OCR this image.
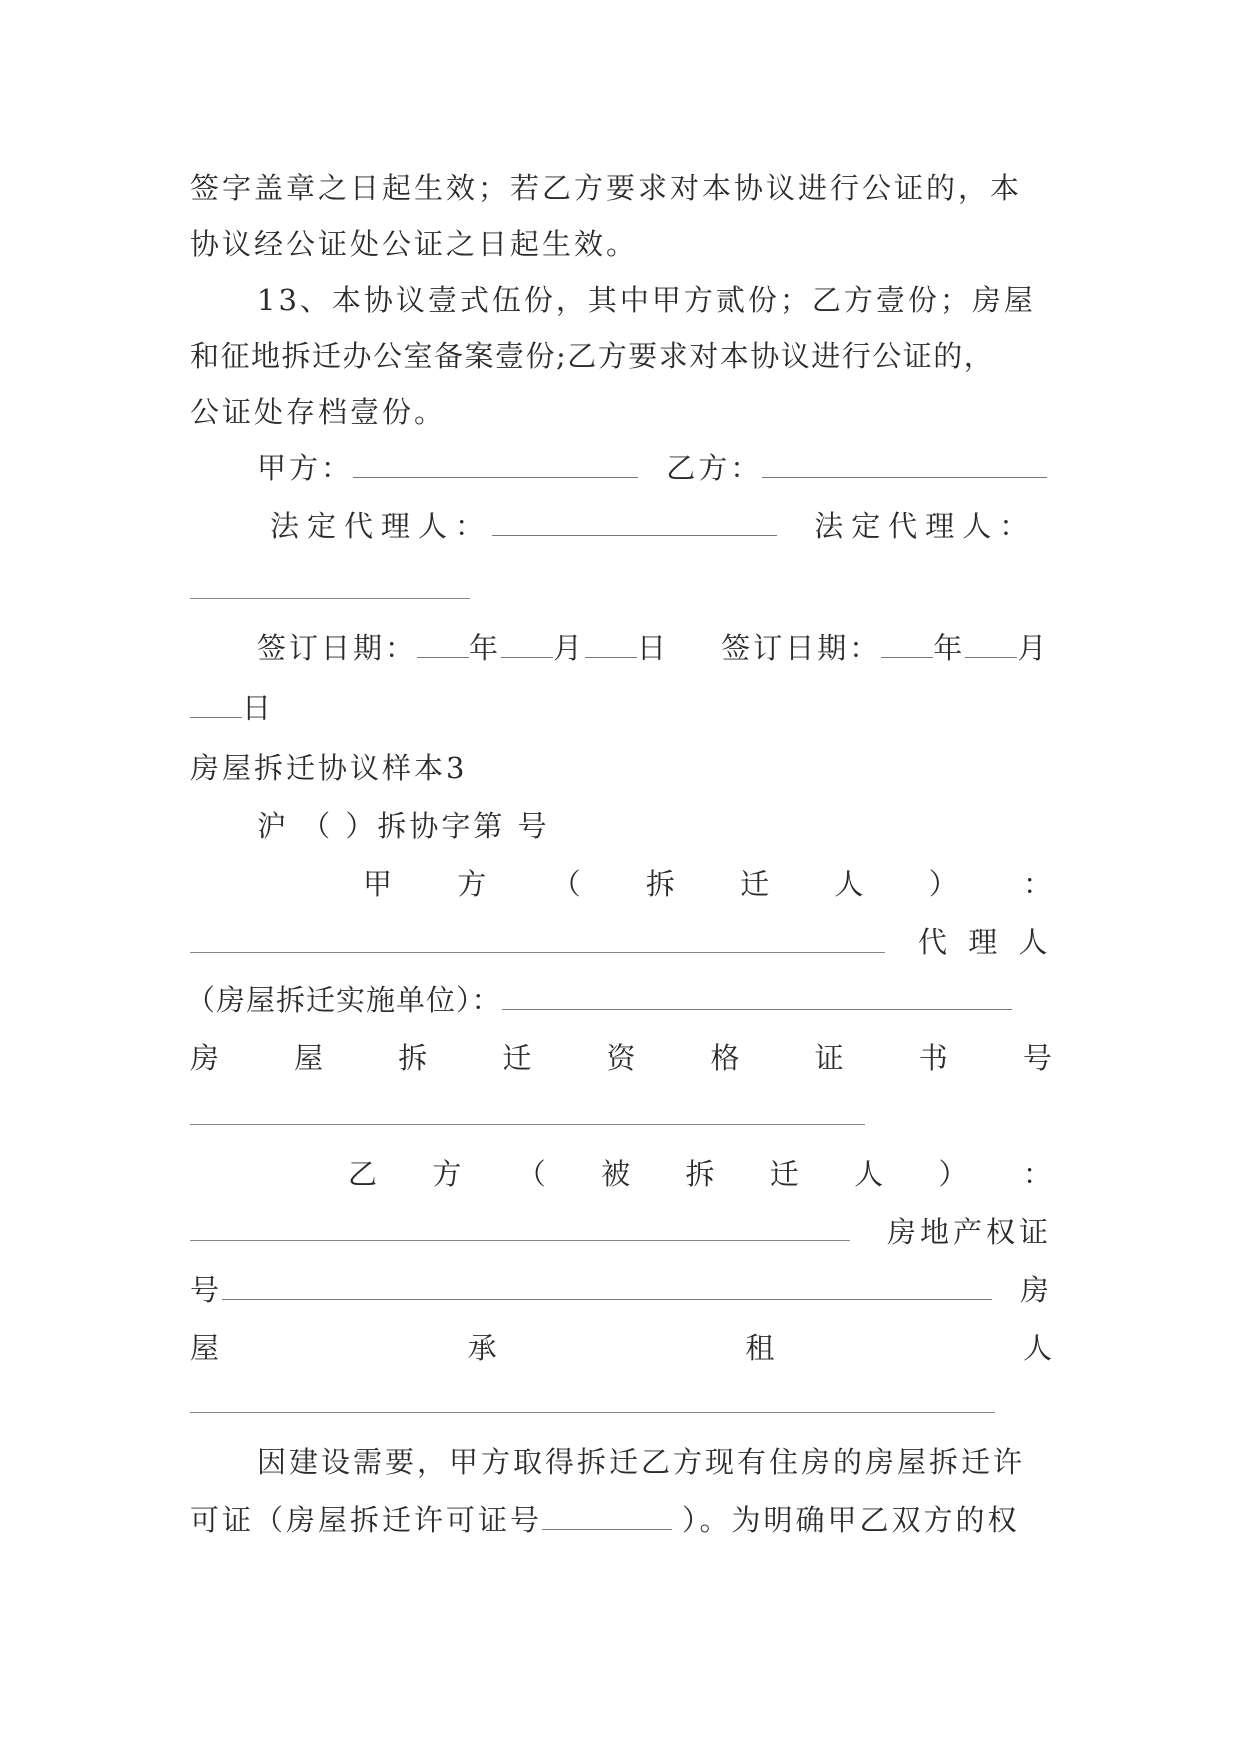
签字盖章之日起生效；若乙方要求对本协议进行公证的，本
协议经公证处公证之日起生效。
13、本协议壹式伍份，其中甲方贰份；乙方壹份；房屋
和征地拆迁办公室备案壹份;乙方要求对本协议进行公证的，
公证处存档壹份。
甲方：	乙方：
法定代理人：	法定代理人：
签订日期： 年 月 日 签订日期： 年 月
日
房屋拆迁协议样本3
沪 （ ）拆协字第 号
甲 方 （ 拆 迁 人 ） ：
代 理 人
（房屋拆迁实施单位）：
房	屋	拆	迁	资	格	证	书	号
乙 方 （ 被 拆 迁 人 ） ：
房地产权证
号	房
屋	承	租	人
因建设需要，甲方取得拆迁乙方现有住房的房屋拆迁许
可证（房屋拆迁许可证号	）。为明确甲乙双方的权
